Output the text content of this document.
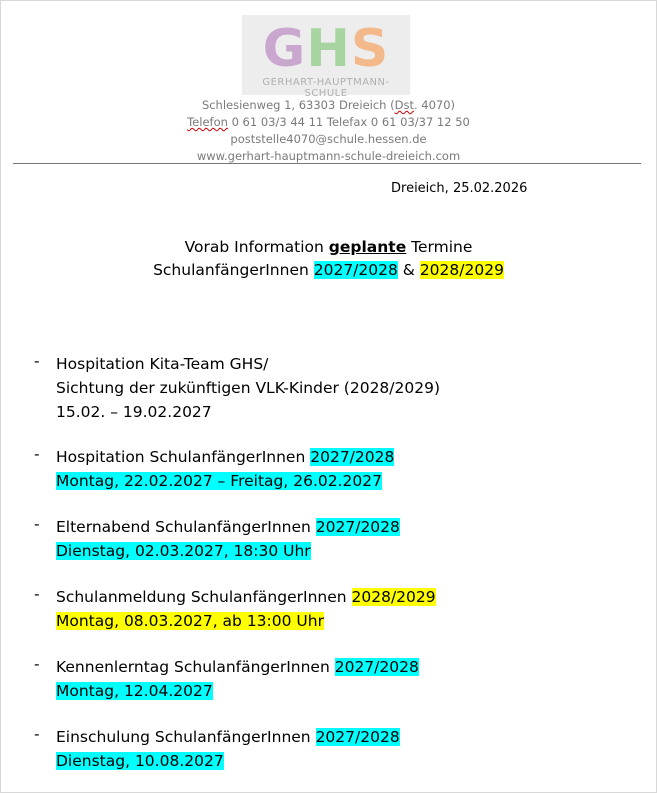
GHS
GERHART-HAUPTMANN-SCHULE
Schlesienweg 1, 63303 Dreieich (Dst. 4070)
Telefon 0 61 03/3 44 11 Telefax 0 61 03/37 12 50
poststelle4070@schule.hessen.de
www.gerhart-hauptmann-schule-dreieich.com
Dreieich, 25.02.2026
Vorab Information geplante Termine
SchulanfängerInnen 2027/2028 & 2028/2029
- Hospitation Kita-Team GHS/
Sichtung der zukünftigen VLK-Kinder (2028/2029)
15.02. – 19.02.2027
- Hospitation SchulanfängerInnen 2027/2028
Montag, 22.02.2027 – Freitag, 26.02.2027
- Elternabend SchulanfängerInnen 2027/2028
Dienstag, 02.03.2027, 18:30 Uhr
- Schulanmeldung SchulanfängerInnen 2028/2029
Montag, 08.03.2027, ab 13:00 Uhr
- Kennenlerntag SchulanfängerInnen 2027/2028
Montag, 12.04.2027
- Einschulung SchulanfängerInnen 2027/2028
Dienstag, 10.08.2027
